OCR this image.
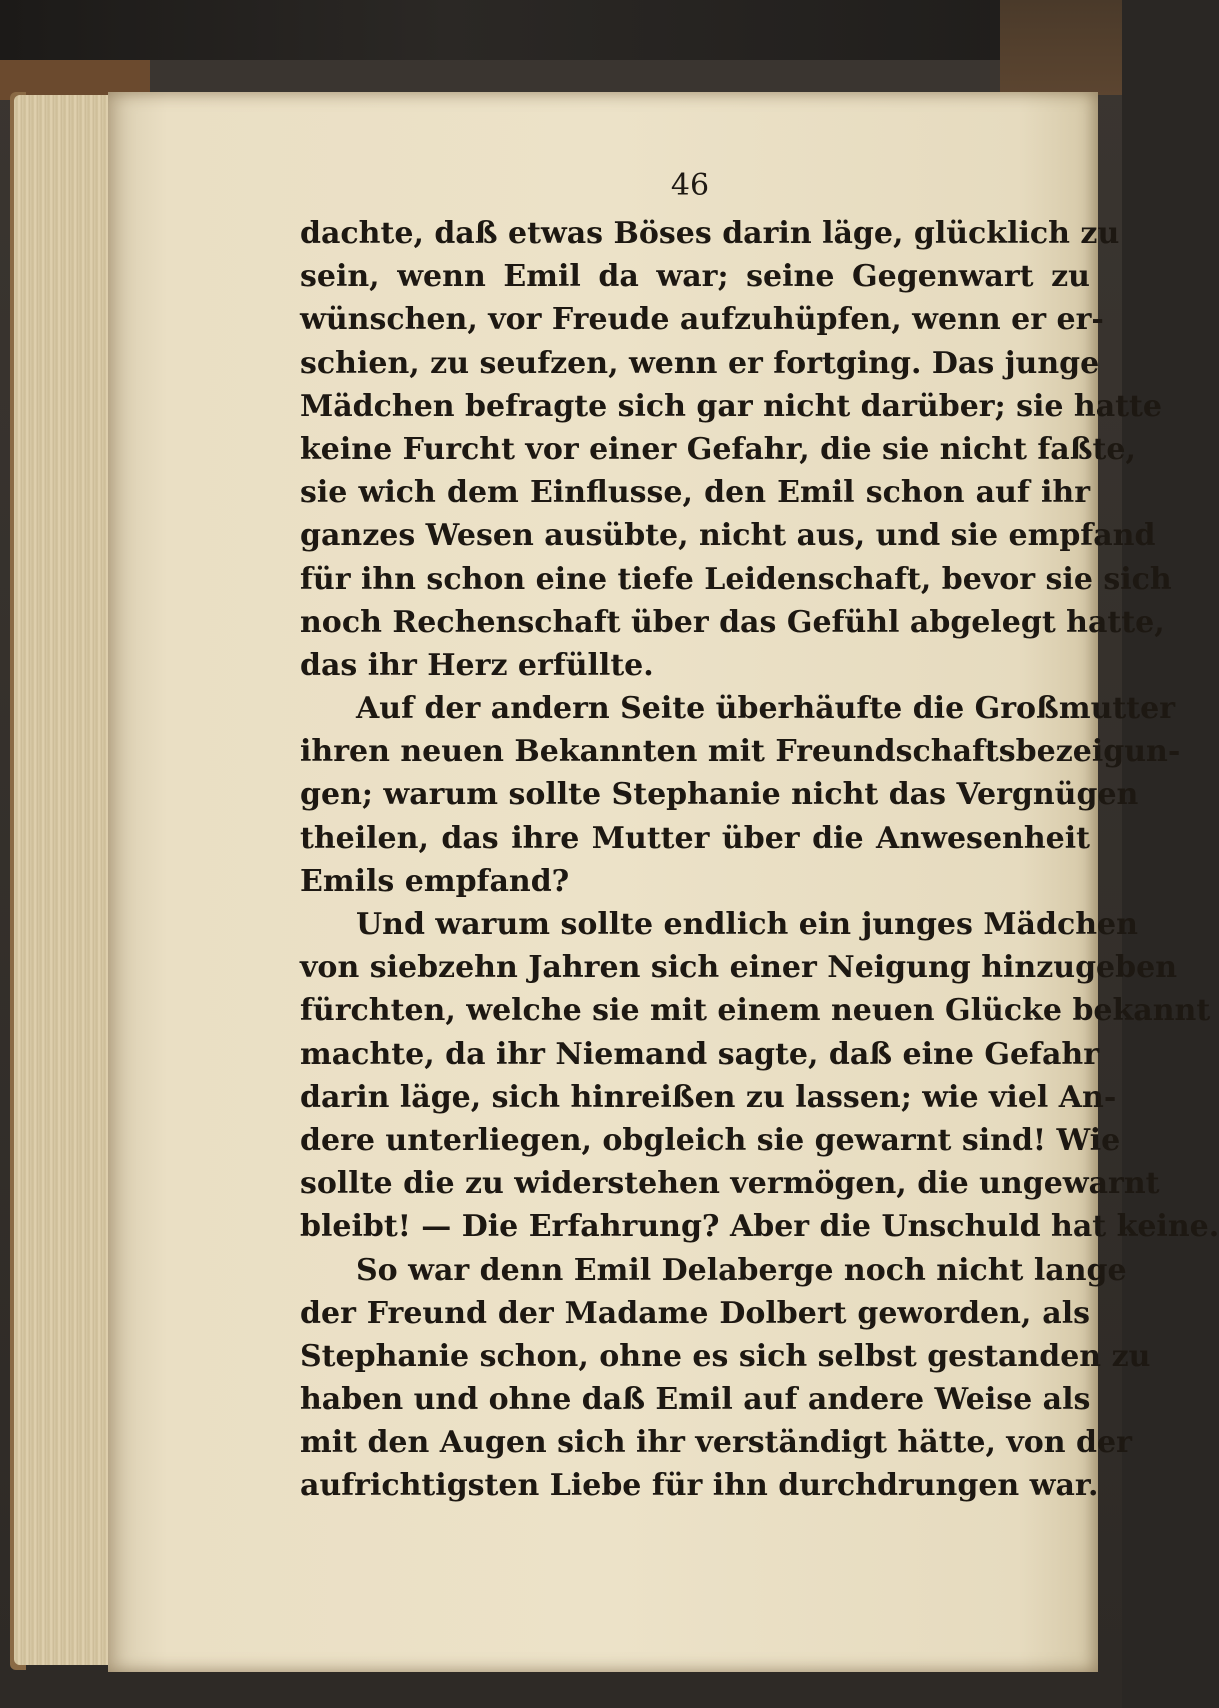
46
dachte, daß etwas Böses darin läge, glücklich zu
sein, wenn Emil da war; seine Gegenwart zu
wünschen, vor Freude aufzuhüpfen, wenn er er-
schien, zu seufzen, wenn er fortging. Das junge
Mädchen befragte sich gar nicht darüber; sie hatte
keine Furcht vor einer Gefahr, die sie nicht faßte,
sie wich dem Einflusse, den Emil schon auf ihr
ganzes Wesen ausübte, nicht aus, und sie empfand
für ihn schon eine tiefe Leidenschaft, bevor sie sich
noch Rechenschaft über das Gefühl abgelegt hatte,
das ihr Herz erfüllte.
Auf der andern Seite überhäufte die Großmutter
ihren neuen Bekannten mit Freundschaftsbezeigun-
gen; warum sollte Stephanie nicht das Vergnügen
theilen, das ihre Mutter über die Anwesenheit
Emils empfand?
Und warum sollte endlich ein junges Mädchen
von siebzehn Jahren sich einer Neigung hinzugeben
fürchten, welche sie mit einem neuen Glücke bekannt
machte, da ihr Niemand sagte, daß eine Gefahr
darin läge, sich hinreißen zu lassen; wie viel An-
dere unterliegen, obgleich sie gewarnt sind! Wie
sollte die zu widerstehen vermögen, die ungewarnt
bleibt! — Die Erfahrung? Aber die Unschuld hat keine.
So war denn Emil Delaberge noch nicht lange
der Freund der Madame Dolbert geworden, als
Stephanie schon, ohne es sich selbst gestanden zu
haben und ohne daß Emil auf andere Weise als
mit den Augen sich ihr verständigt hätte, von der
aufrichtigsten Liebe für ihn durchdrungen war.
